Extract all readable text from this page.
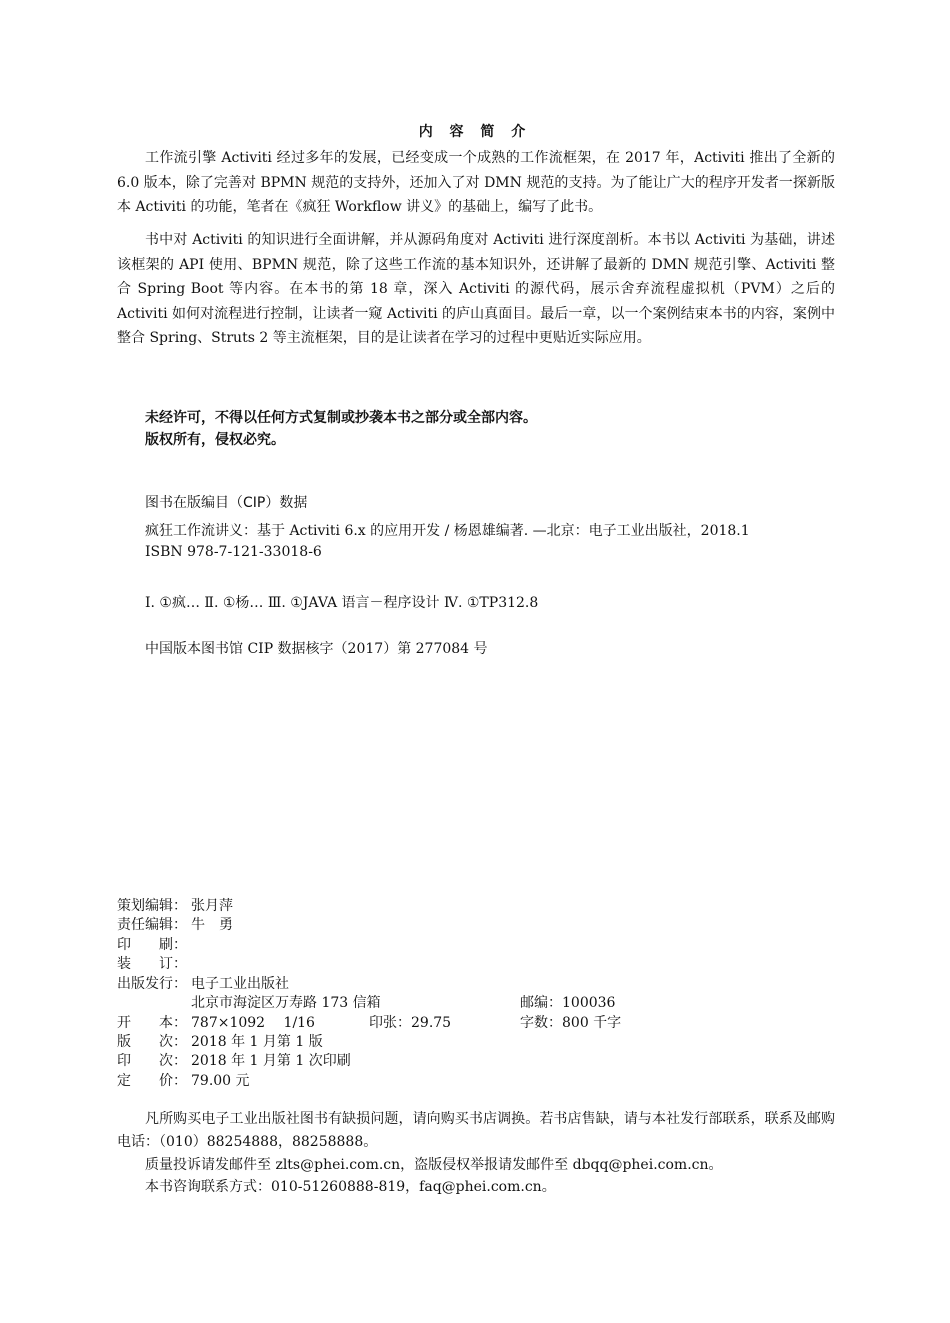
内 容 简 介
工作流引擎 Activiti 经过多年的发展，已经变成一个成熟的工作流框架，在 2017 年，Activiti 推出了全新的 6.0 版本，除了完善对 BPMN 规范的支持外，还加入了对 DMN 规范的支持。为了能让广大的程序开发者一探新版本 Activiti 的功能，笔者在《疯狂 Workflow 讲义》的基础上，编写了此书。
书中对 Activiti 的知识进行全面讲解，并从源码角度对 Activiti 进行深度剖析。本书以 Activiti 为基础，讲述该框架的 API 使用、BPMN 规范，除了这些工作流的基本知识外，还讲解了最新的 DMN 规范引擎、Activiti 整合 Spring Boot 等内容。在本书的第 18 章，深入 Activiti 的源代码，展示舍弃流程虚拟机（PVM）之后的 Activiti 如何对流程进行控制，让读者一窥 Activiti 的庐山真面目。最后一章，以一个案例结束本书的内容，案例中整合 Spring、Struts 2 等主流框架，目的是让读者在学习的过程中更贴近实际应用。
未经许可，不得以任何方式复制或抄袭本书之部分或全部内容。
版权所有，侵权必究。
图书在版编目（CIP）数据
疯狂工作流讲义：基于 Activiti 6.x 的应用开发 / 杨恩雄编著. —北京：电子工业出版社，2018.1
ISBN 978-7-121-33018-6
Ⅰ. ①疯… Ⅱ. ①杨… Ⅲ. ①JAVA 语言－程序设计 Ⅳ. ①TP312.8
中国版本图书馆 CIP 数据核字（2017）第 277084 号
策划编辑： 张月萍
责任编辑： 牛　勇
印　　刷：
装　　订：
出版发行： 电子工业出版社
北京市海淀区万寿路 173 信箱	邮编：100036
开　　本： 787×1092　 1/16	印张：29.75	字数：800 千字
版　　次： 2018 年 1 月第 1 版
印　　次： 2018 年 1 月第 1 次印刷
定　　价： 79.00 元
凡所购买电子工业出版社图书有缺损问题，请向购买书店调换。若书店售缺，请与本社发行部联系，联系及邮购电话：（010）88254888，88258888。
质量投诉请发邮件至 zlts@phei.com.cn，盗版侵权举报请发邮件至 dbqq@phei.com.cn。
本书咨询联系方式：010-51260888-819，faq@phei.com.cn。
